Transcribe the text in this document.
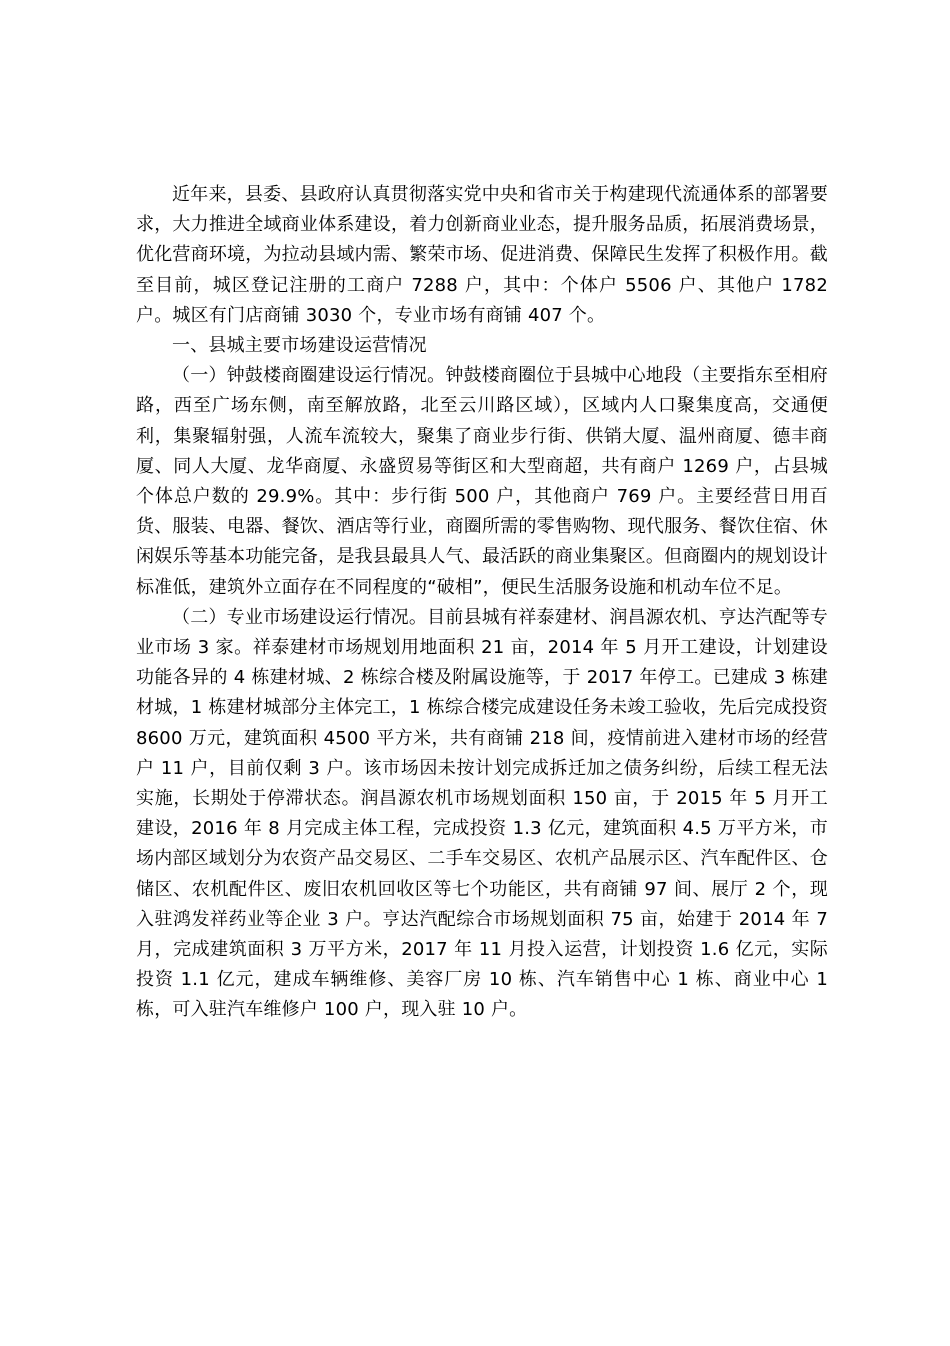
近年来，县委、县政府认真贯彻落实党中央和省市关于构建现代流通体系的部署要求，大力推进全域商业体系建设，着力创新商业业态，提升服务品质，拓展消费场景，优化营商环境，为拉动县域内需、繁荣市场、促进消费、保障民生发挥了积极作用。截至目前，城区登记注册的工商户 7288 户，其中：个体户 5506 户、其他户 1782 户。城区有门店商铺 3030 个，专业市场有商铺 407 个。

一、县城主要市场建设运营情况

（一）钟鼓楼商圈建设运行情况。钟鼓楼商圈位于县城中心地段（主要指东至相府路，西至广场东侧，南至解放路，北至云川路区域），区域内人口聚集度高，交通便利，集聚辐射强，人流车流较大，聚集了商业步行街、供销大厦、温州商厦、德丰商厦、同人大厦、龙华商厦、永盛贸易等街区和大型商超，共有商户 1269 户，占县城个体总户数的 29.9%。其中：步行街 500 户，其他商户 769 户。主要经营日用百货、服装、电器、餐饮、酒店等行业，商圈所需的零售购物、现代服务、餐饮住宿、休闲娱乐等基本功能完备，是我县最具人气、最活跃的商业集聚区。但商圈内的规划设计标准低，建筑外立面存在不同程度的“破相”，便民生活服务设施和机动车位不足。

（二）专业市场建设运行情况。目前县城有祥泰建材、润昌源农机、亨达汽配等专业市场 3 家。祥泰建材市场规划用地面积 21 亩，2014 年 5 月开工建设，计划建设功能各异的 4 栋建材城、2 栋综合楼及附属设施等，于 2017 年停工。已建成 3 栋建材城，1 栋建材城部分主体完工，1 栋综合楼完成建设任务未竣工验收，先后完成投资 8600 万元，建筑面积 4500 平方米，共有商铺 218 间，疫情前进入建材市场的经营户 11 户，目前仅剩 3 户。该市场因未按计划完成拆迁加之债务纠纷，后续工程无法实施，长期处于停滞状态。润昌源农机市场规划面积 150 亩，于 2015 年 5 月开工建设，2016 年 8 月完成主体工程，完成投资 1.3 亿元，建筑面积 4.5 万平方米，市场内部区域划分为农资产品交易区、二手车交易区、农机产品展示区、汽车配件区、仓储区、农机配件区、废旧农机回收区等七个功能区，共有商铺 97 间、展厅 2 个，现入驻鸿发祥药业等企业 3 户。亨达汽配综合市场规划面积 75 亩，始建于 2014 年 7 月，完成建筑面积 3 万平方米，2017 年 11 月投入运营，计划投资 1.6 亿元，实际投资 1.1 亿元，建成车辆维修、美容厂房 10 栋、汽车销售中心 1 栋、商业中心 1 栋，可入驻汽车维修户 100 户，现入驻 10 户。
